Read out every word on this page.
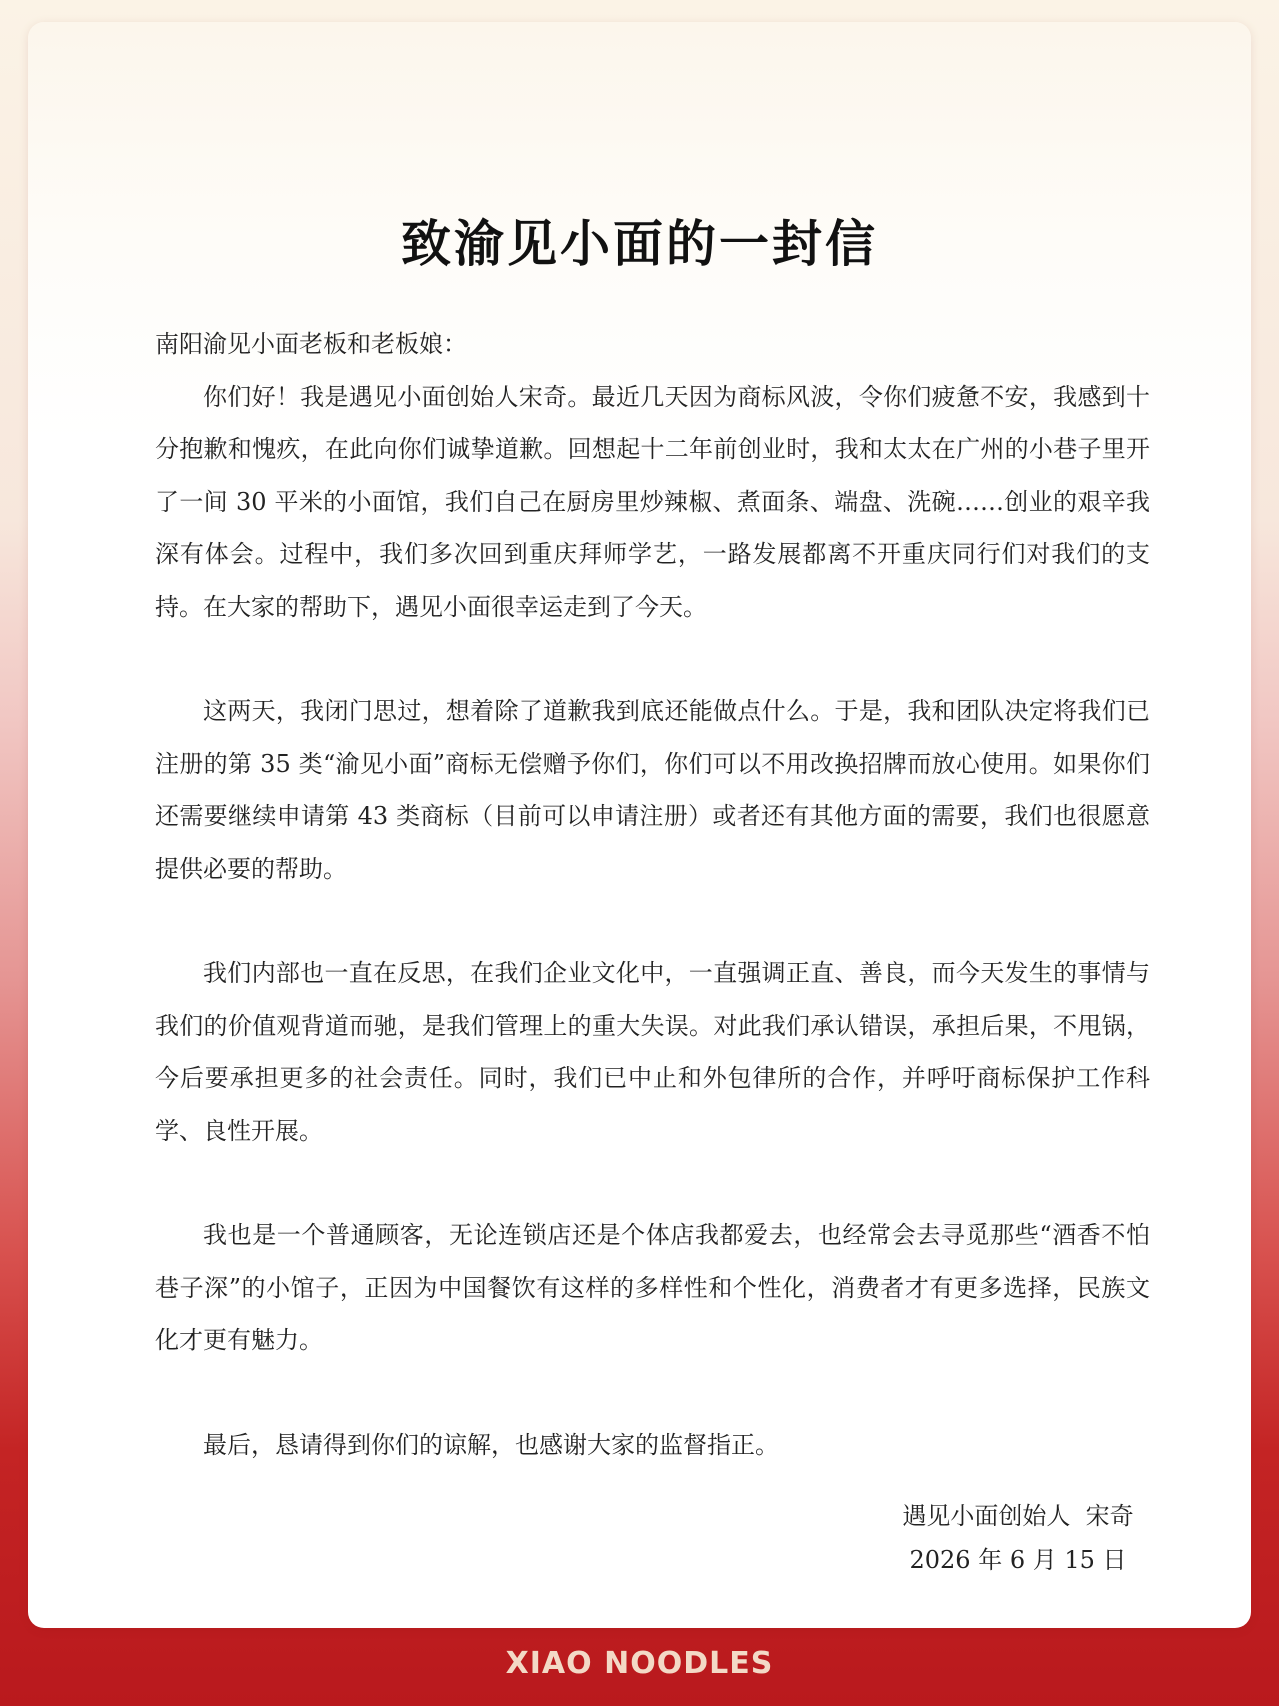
致渝见小面的一封信

南阳渝见小面老板和老板娘：

你们好！我是遇见小面创始人宋奇。最近几天因为商标风波，令你们疲惫不安，我感到十分抱歉和愧疚，在此向你们诚挚道歉。回想起十二年前创业时，我和太太在广州的小巷子里开了一间 30 平米的小面馆，我们自己在厨房里炒辣椒、煮面条、端盘、洗碗……创业的艰辛我深有体会。过程中，我们多次回到重庆拜师学艺，一路发展都离不开重庆同行们对我们的支持。在大家的帮助下，遇见小面很幸运走到了今天。

这两天，我闭门思过，想着除了道歉我到底还能做点什么。于是，我和团队决定将我们已注册的第 35 类“渝见小面”商标无偿赠予你们，你们可以不用改换招牌而放心使用。如果你们还需要继续申请第 43 类商标（目前可以申请注册）或者还有其他方面的需要，我们也很愿意提供必要的帮助。

我们内部也一直在反思，在我们企业文化中，一直强调正直、善良，而今天发生的事情与我们的价值观背道而驰，是我们管理上的重大失误。对此我们承认错误，承担后果，不甩锅，今后要承担更多的社会责任。同时，我们已中止和外包律所的合作，并呼吁商标保护工作科学、良性开展。

我也是一个普通顾客，无论连锁店还是个体店我都爱去，也经常会去寻觅那些“酒香不怕巷子深”的小馆子，正因为中国餐饮有这样的多样性和个性化，消费者才有更多选择，民族文化才更有魅力。

最后，恳请得到你们的谅解，也感谢大家的监督指正。

遇见小面创始人  宋奇
2026 年 6 月 15 日
XIAO NOODLES
